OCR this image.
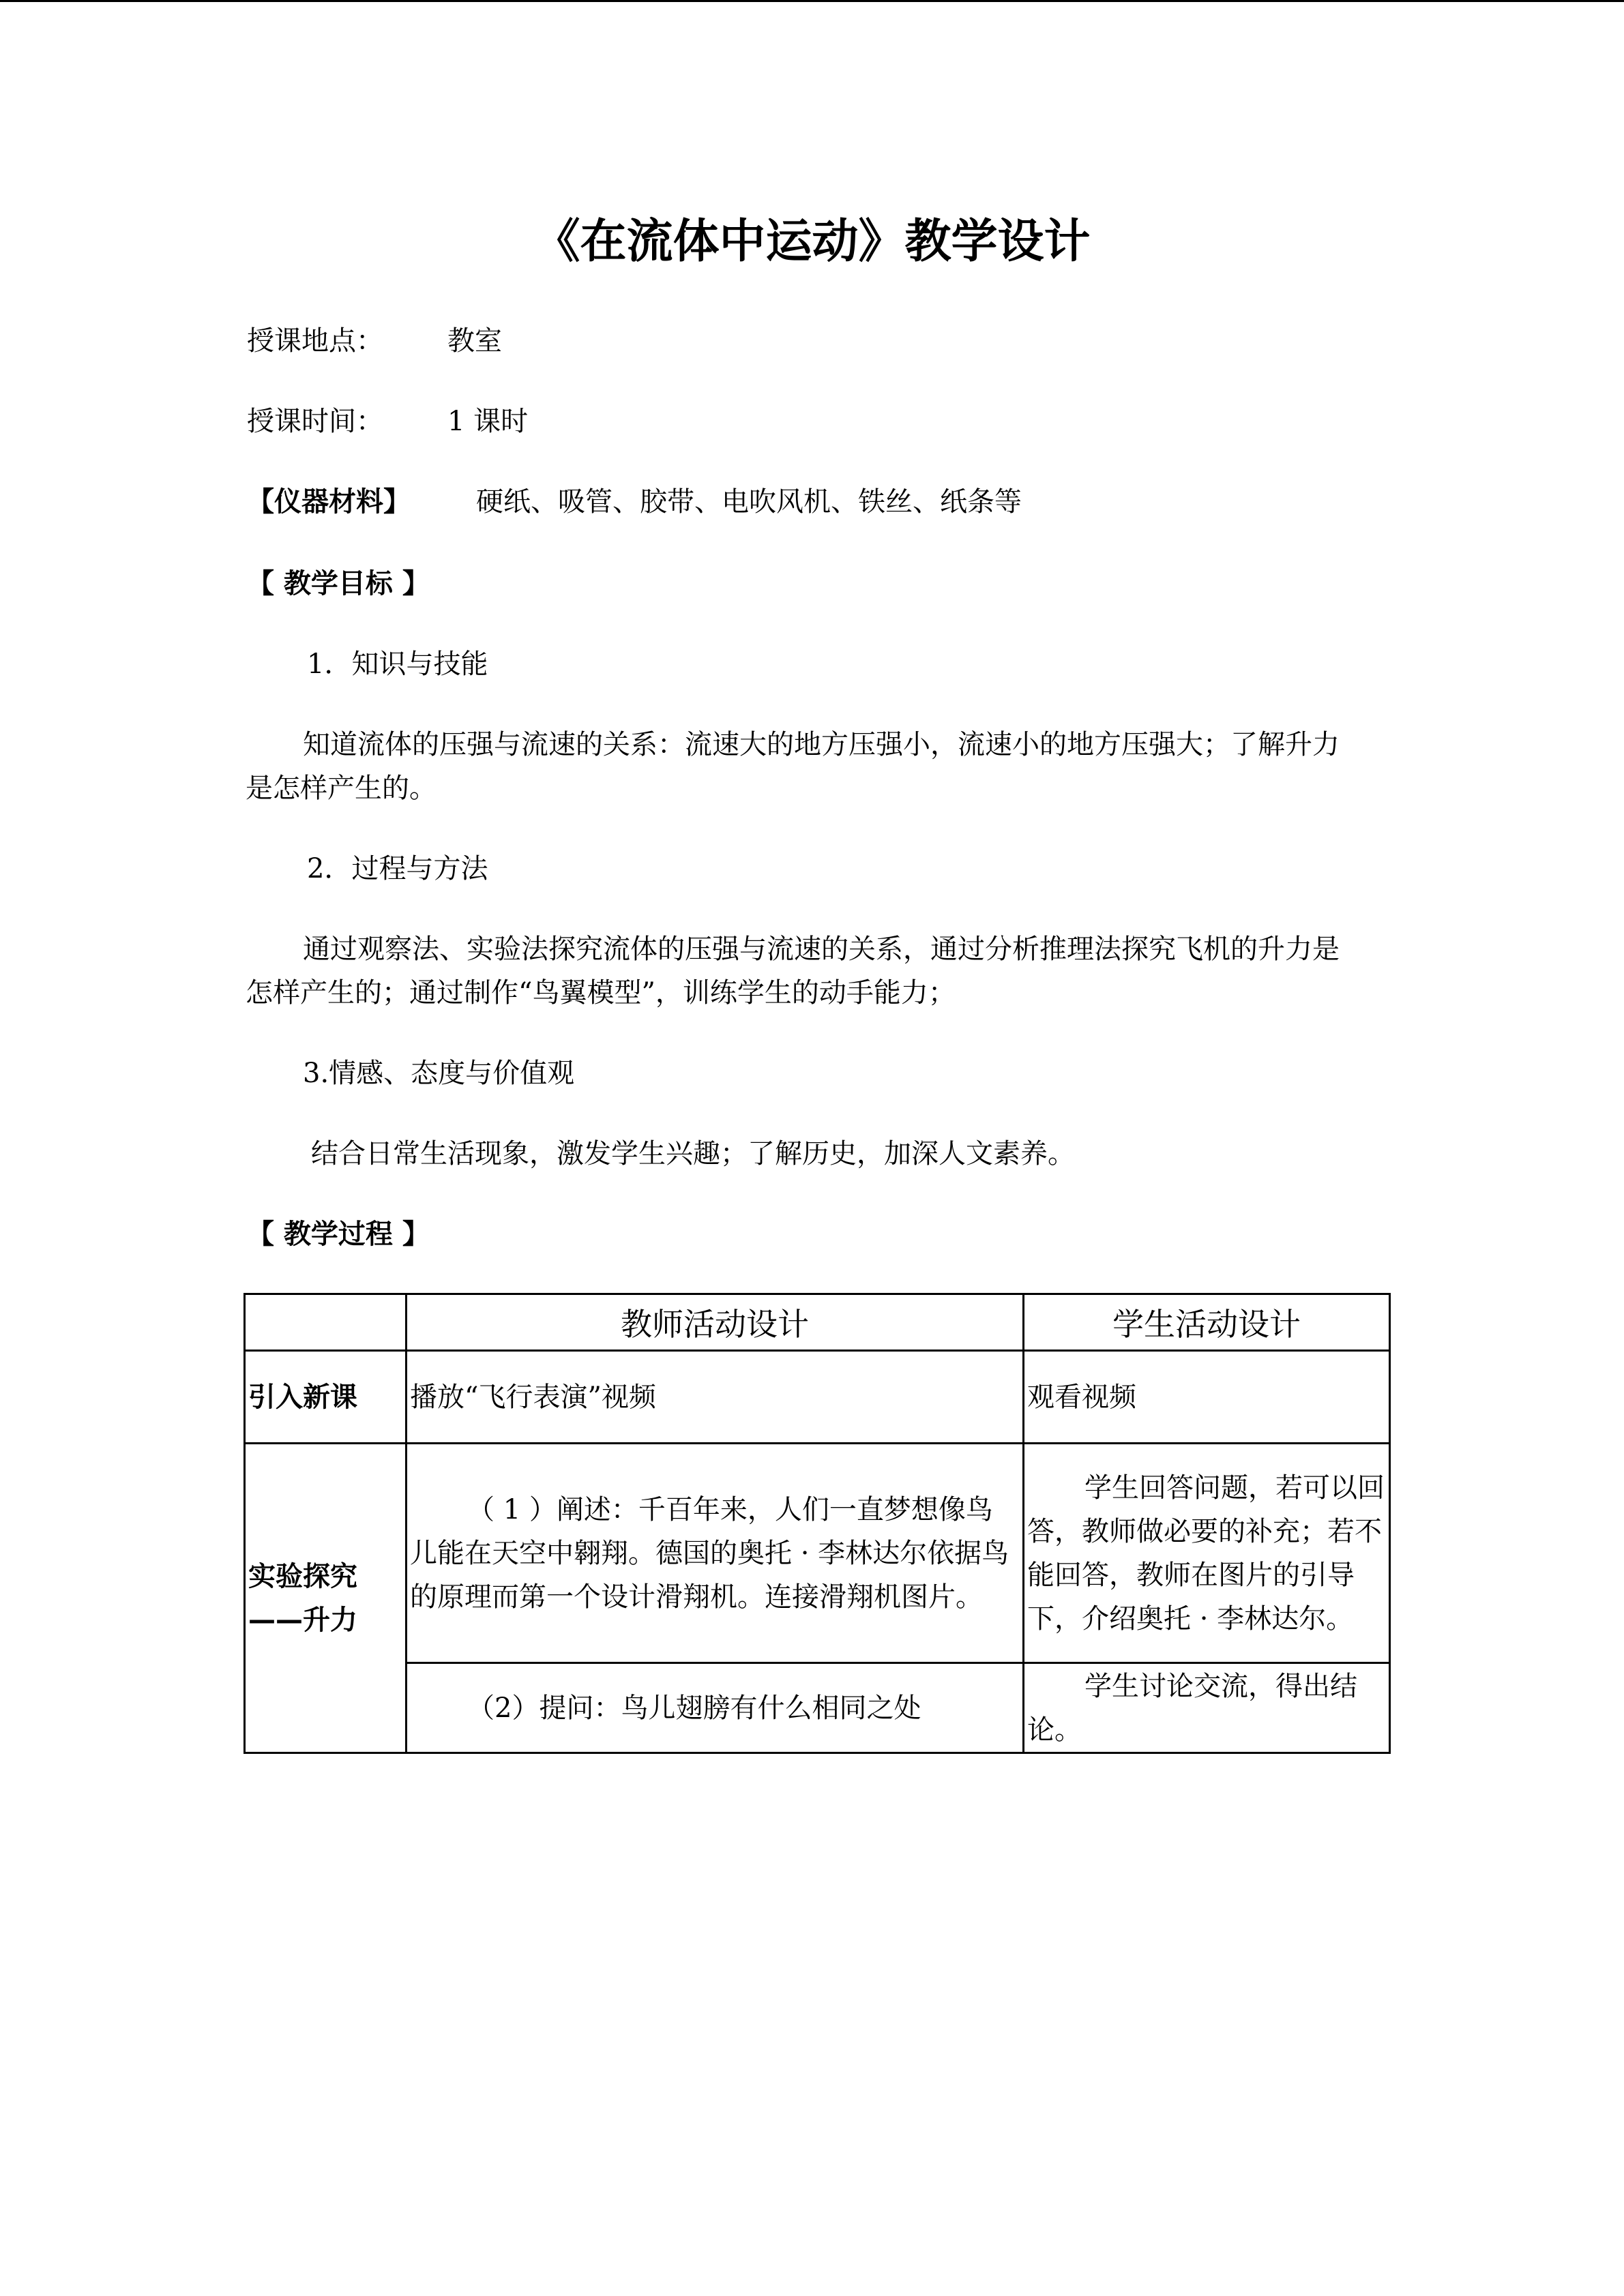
《在流体中运动》教学设计
授课地点： 教室
授课时间： 1 课时
【仪器材料】 硬纸、吸管、胶带、电吹风机、铁丝、纸条等
【 教学目标 】
1．知识与技能
知道流体的压强与流速的关系：流速大的地方压强小，流速小的地方压强大；了解升力是怎样产生的。
2．过程与方法
通过观察法、实验法探究流体的压强与流速的关系，通过分析推理法探究飞机的升力是怎样产生的；通过制作“鸟翼模型”，训练学生的动手能力；
3.情感、态度与价值观
结合日常生活现象，激发学生兴趣；了解历史，加深人文素养。
【 教学过程 】
	教师活动设计	学生活动设计
引入新课	播放“飞行表演”视频	观看视频
实验探究——升力	（ 1 ）阐述：千百年来，人们一直梦想像鸟儿能在天空中翱翔。德国的奥托 · 李林达尔依据鸟的原理而第一个设计滑翔机。连接滑翔机图片。	学生回答问题，若可以回答，教师做必要的补充；若不能回答，教师在图片的引导下，介绍奥托 · 李林达尔。
	（2）提问：鸟儿翅膀有什么相同之处	学生讨论交流，得出结论。
